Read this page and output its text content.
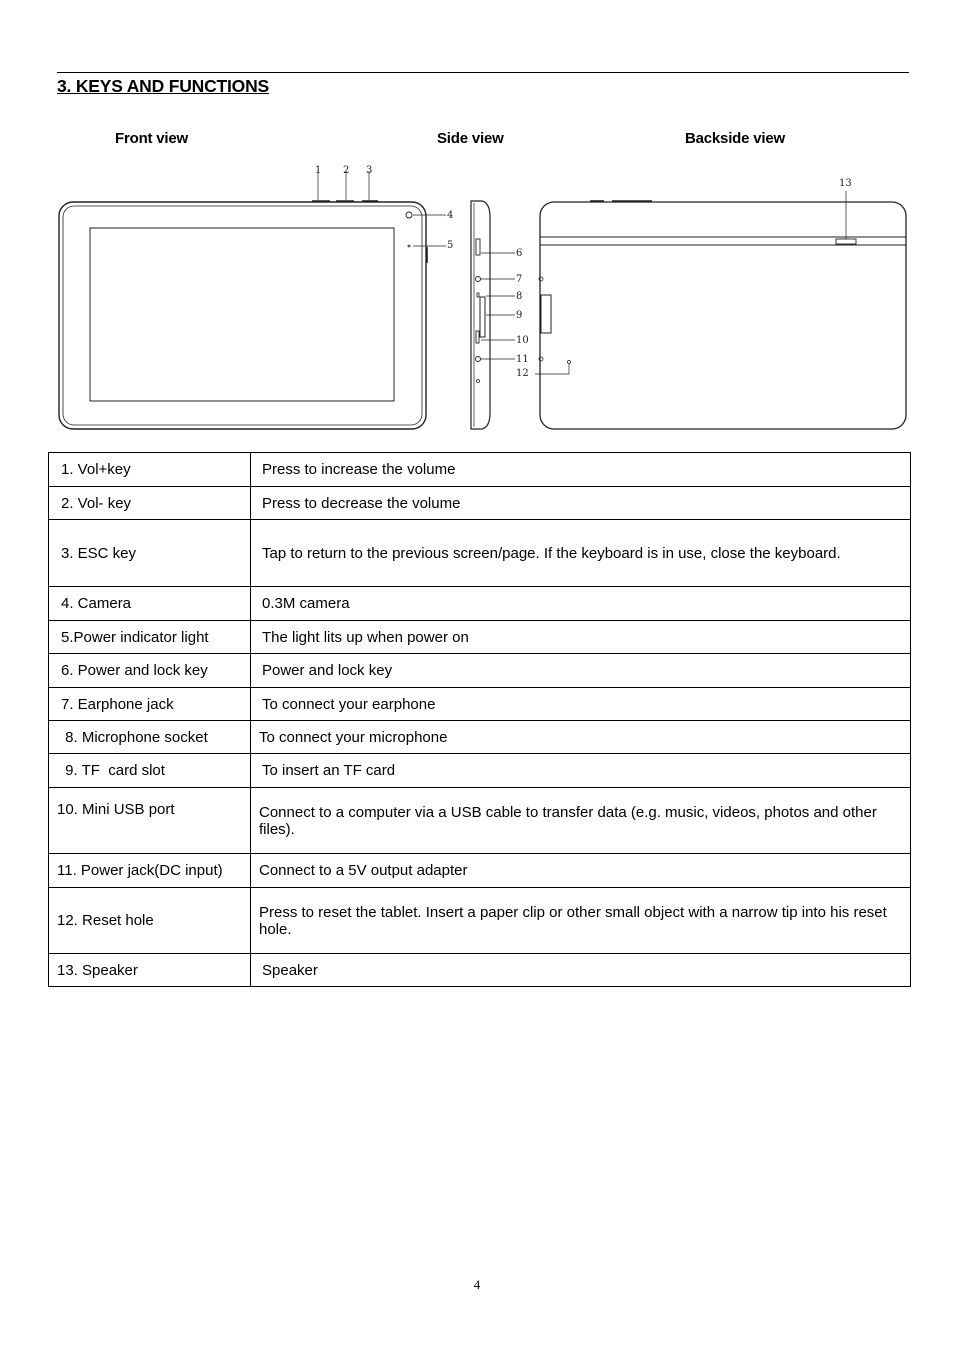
3. KEYS AND FUNCTIONS

Front view	Side view	Backside view

1 2 3
4
5
6
7
8
9
10
11
12
13
1. Vol+key	Press to increase the volume
2. Vol- key	Press to decrease the volume
3. ESC key	Tap to return to the previous screen/page. If the keyboard is in use, close the keyboard.
4. Camera	0.3M camera
5.Power indicator light	The light lits up when power on
6. Power and lock key	Power and lock key
7. Earphone jack	To connect your earphone
8. Microphone socket	To connect your microphone
9. TF  card slot	To insert an TF card
10. Mini USB port	Connect to a computer via a USB cable to transfer data (e.g. music, videos, photos and other files).
11. Power jack(DC input)	Connect to a 5V output adapter
12. Reset hole	Press to reset the tablet. Insert a paper clip or other small object with a narrow tip into his reset hole.
13. Speaker	Speaker

4
